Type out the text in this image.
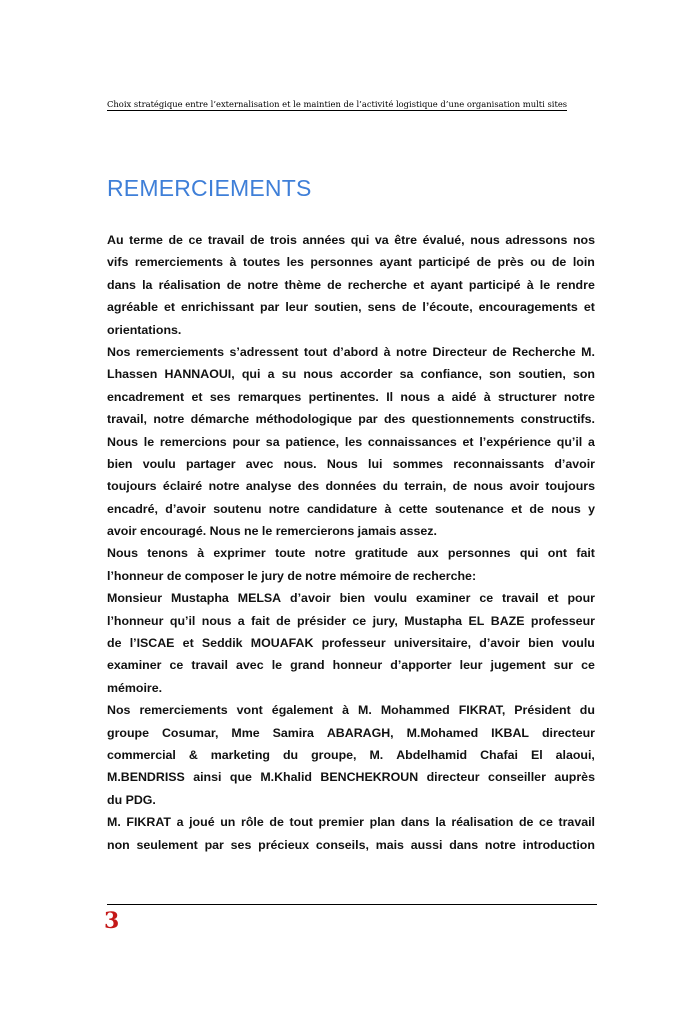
Choix stratégique entre l’externalisation et le maintien de l’activité logistique d’une organisation multi sites
REMERCIEMENTS
Au terme de ce travail de trois années qui va être évalué, nous adressons nos
vifs remerciements à toutes les personnes ayant participé de près ou de loin
dans la réalisation de notre thème de recherche et ayant participé à le rendre
agréable et enrichissant par leur soutien, sens de l’écoute, encouragements et
orientations.
Nos remerciements s’adressent tout d’abord à notre Directeur de Recherche M.
Lhassen HANNAOUI, qui a su nous accorder sa confiance, son soutien, son
encadrement et ses remarques pertinentes. Il nous a aidé à structurer notre
travail, notre démarche méthodologique par des questionnements constructifs.
Nous le remercions pour sa patience, les connaissances et l’expérience qu’il a
bien voulu partager avec nous. Nous lui sommes reconnaissants d’avoir
toujours éclairé notre analyse des données du terrain, de nous avoir toujours
encadré, d’avoir soutenu notre candidature à cette soutenance et de nous y
avoir encouragé. Nous ne le remercierons jamais assez.
Nous tenons à exprimer toute notre gratitude aux personnes qui ont fait
l’honneur de composer le jury de notre mémoire de recherche:
Monsieur Mustapha MELSA d’avoir bien voulu examiner ce travail et pour
l’honneur qu’il nous a fait de présider ce jury, Mustapha EL BAZE professeur
de l’ISCAE et Seddik MOUAFAK professeur universitaire, d’avoir bien voulu
examiner ce travail avec le grand honneur d’apporter leur jugement sur ce
mémoire.
Nos remerciements vont également à M. Mohammed FIKRAT, Président du
groupe Cosumar, Mme Samira ABARAGH, M.Mohamed IKBAL directeur
commercial & marketing du groupe, M. Abdelhamid Chafai El alaoui,
M.BENDRISS ainsi que M.Khalid BENCHEKROUN directeur conseiller auprès
du PDG.
M. FIKRAT a joué un rôle de tout premier plan dans la réalisation de ce travail
non seulement par ses précieux conseils, mais aussi dans notre introduction
3
